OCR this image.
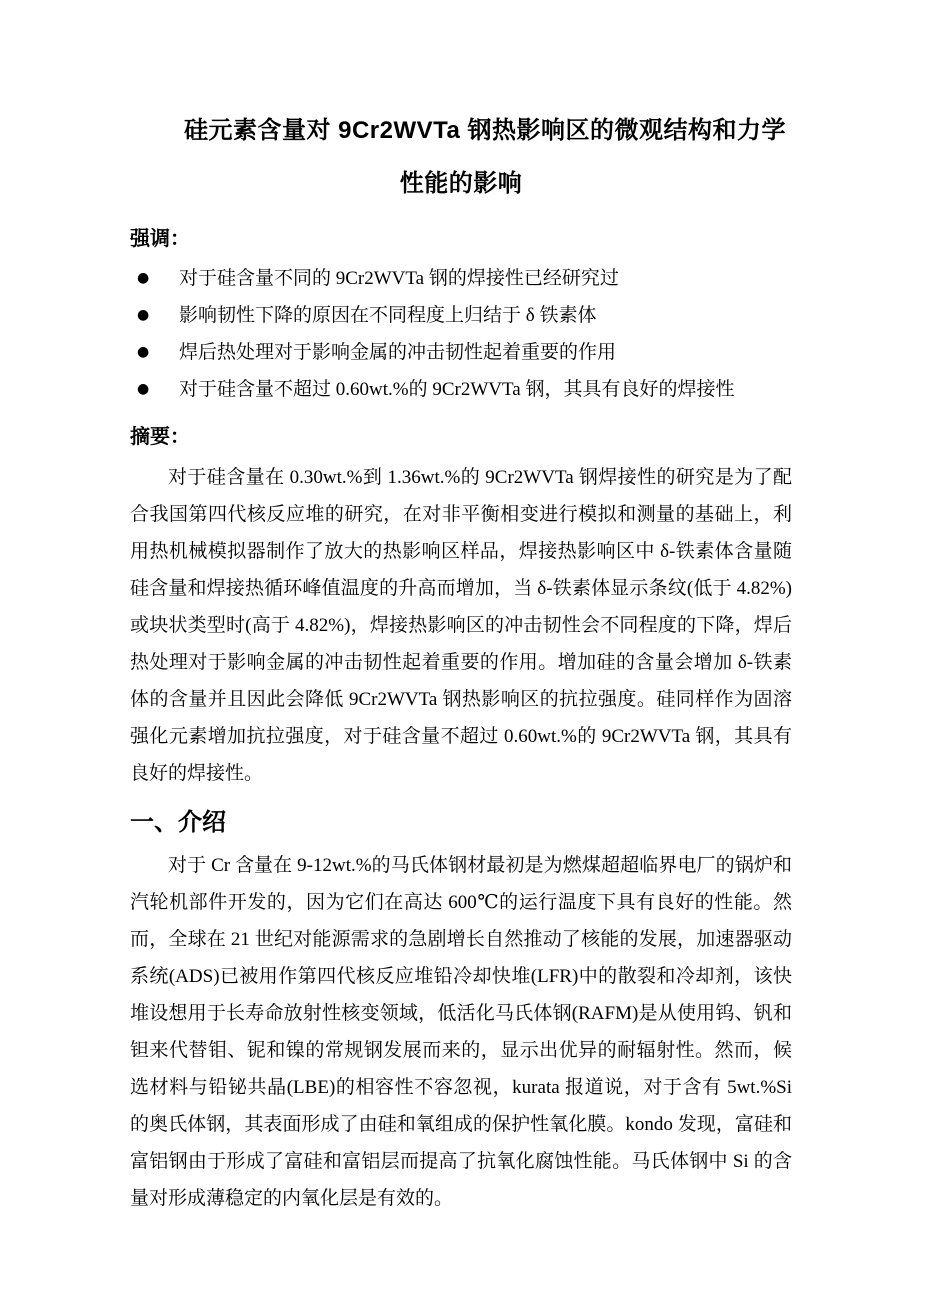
硅元素含量对 9Cr2WVTa 钢热影响区的微观结构和力学性能的影响
强调：
● 对于硅含量不同的 9Cr2WVTa 钢的焊接性已经研究过
● 影响韧性下降的原因在不同程度上归结于 δ 铁素体
● 焊后热处理对于影响金属的冲击韧性起着重要的作用
● 对于硅含量不超过 0.60wt.%的 9Cr2WVTa 钢，其具有良好的焊接性
摘要：

对于硅含量在 0.30wt.%到 1.36wt.%的 9Cr2WVTa 钢焊接性的研究是为了配合我国第四代核反应堆的研究，在对非平衡相变进行模拟和测量的基础上，利用热机械模拟器制作了放大的热影响区样品，焊接热影响区中 δ-铁素体含量随硅含量和焊接热循环峰值温度的升高而增加，当 δ-铁素体显示条纹(低于 4.82%)或块状类型时(高于 4.82%)，焊接热影响区的冲击韧性会不同程度的下降，焊后热处理对于影响金属的冲击韧性起着重要的作用。增加硅的含量会增加 δ-铁素体的含量并且因此会降低 9Cr2WVTa 钢热影响区的抗拉强度。硅同样作为固溶强化元素增加抗拉强度，对于硅含量不超过 0.60wt.%的 9Cr2WVTa 钢，其具有良好的焊接性。

一、介绍

对于 Cr 含量在 9-12wt.%的马氏体钢材最初是为燃煤超超临界电厂的锅炉和汽轮机部件开发的，因为它们在高达 600℃的运行温度下具有良好的性能。然而，全球在 21 世纪对能源需求的急剧增长自然推动了核能的发展，加速器驱动系统(ADS)已被用作第四代核反应堆铅冷却快堆(LFR)中的散裂和冷却剂，该快堆设想用于长寿命放射性核变领域，低活化马氏体钢(RAFM)是从使用钨、钒和钽来代替钼、铌和镍的常规钢发展而来的，显示出优异的耐辐射性。然而，候选材料与铅铋共晶(LBE)的相容性不容忽视，kurata 报道说，对于含有 5wt.%Si 的奥氏体钢，其表面形成了由硅和氧组成的保护性氧化膜。kondo 发现，富硅和富铝钢由于形成了富硅和富铝层而提高了抗氧化腐蚀性能。马氏体钢中 Si 的含量对形成薄稳定的内氧化层是有效的。
